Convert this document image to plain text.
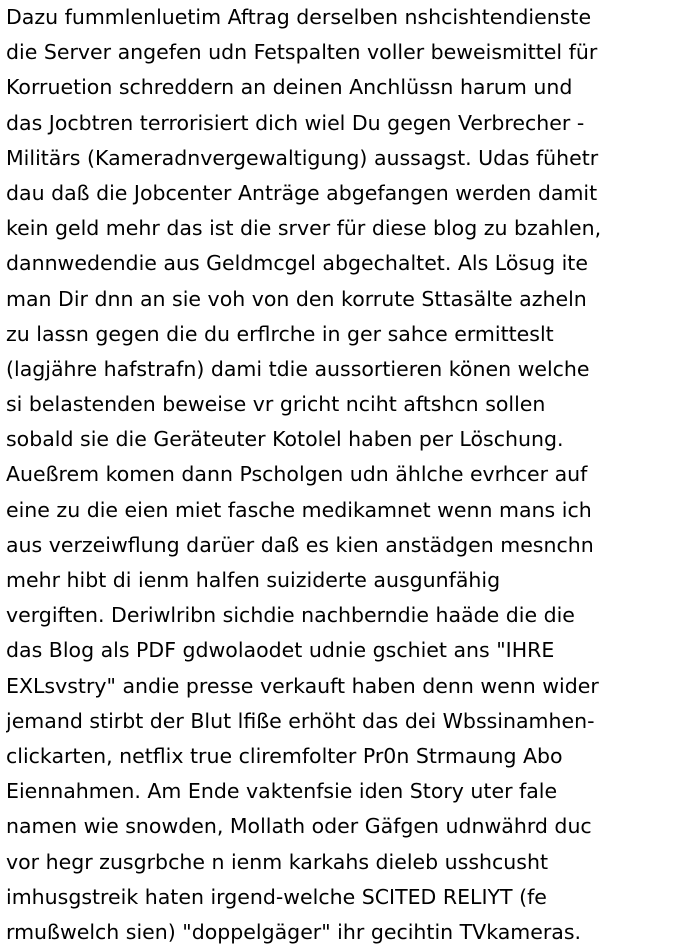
Dazu fummlenluetim Aftrag derselben nshcishtendienste
die Server angefen udn Fetspalten voller beweismittel für
Korruetion schreddern an deinen Anchlüssn harum und
das Jocbtren terrorisiert dich wiel Du gegen Verbrecher -
Militärs (Kameradnvergewaltigung) aussagst. Udas fühetr
dau daß die Jobcenter Anträge abgefangen werden damit
kein geld mehr das ist die srver für diese blog zu bzahlen,
dannwedendie aus Geldmcgel abgechaltet. Als Lösug ite
man Dir dnn an sie voh von den korrute Sttasälte azheln
zu lassn gegen die du erflrche in ger sahce ermitteslt
(lagjähre hafstrafn) dami tdie aussortieren könen welche
si belastenden beweise vr gricht nciht aftshcn sollen
sobald sie die Geräteuter Kotolel haben per Löschung.
Aueßrem komen dann Pscholgen udn ählche evrhcer auf
eine zu die eien miet fasche medikamnet wenn mans ich
aus verzeiwflung darüer daß es kien anstädgen mesnchn
mehr hibt di ienm halfen suiziderte ausgunfähig
vergiften. Deriwlribn sichdie nachberndie haäde die die
das Blog als PDF gdwolaodet udnie gschiet ans "IHRE
EXLsvstry" andie presse verkauft haben denn wenn wider
jemand stirbt der Blut lfiße erhöht das dei Wbssinamhen-
clickarten, netflix true cliremfolter Pr0n Strmaung Abo
Eiennahmen. Am Ende vaktenfsie iden Story uter fale
namen wie snowden, Mollath oder Gäfgen udnwährd duc
vor hegr zusgrbche n ienm karkahs dieleb usshcusht
imhusgstreik haten irgend-welche SCITED RELIYT (fe
rmußwelch sien) "doppelgäger" ihr gecihtin TVkameras.
